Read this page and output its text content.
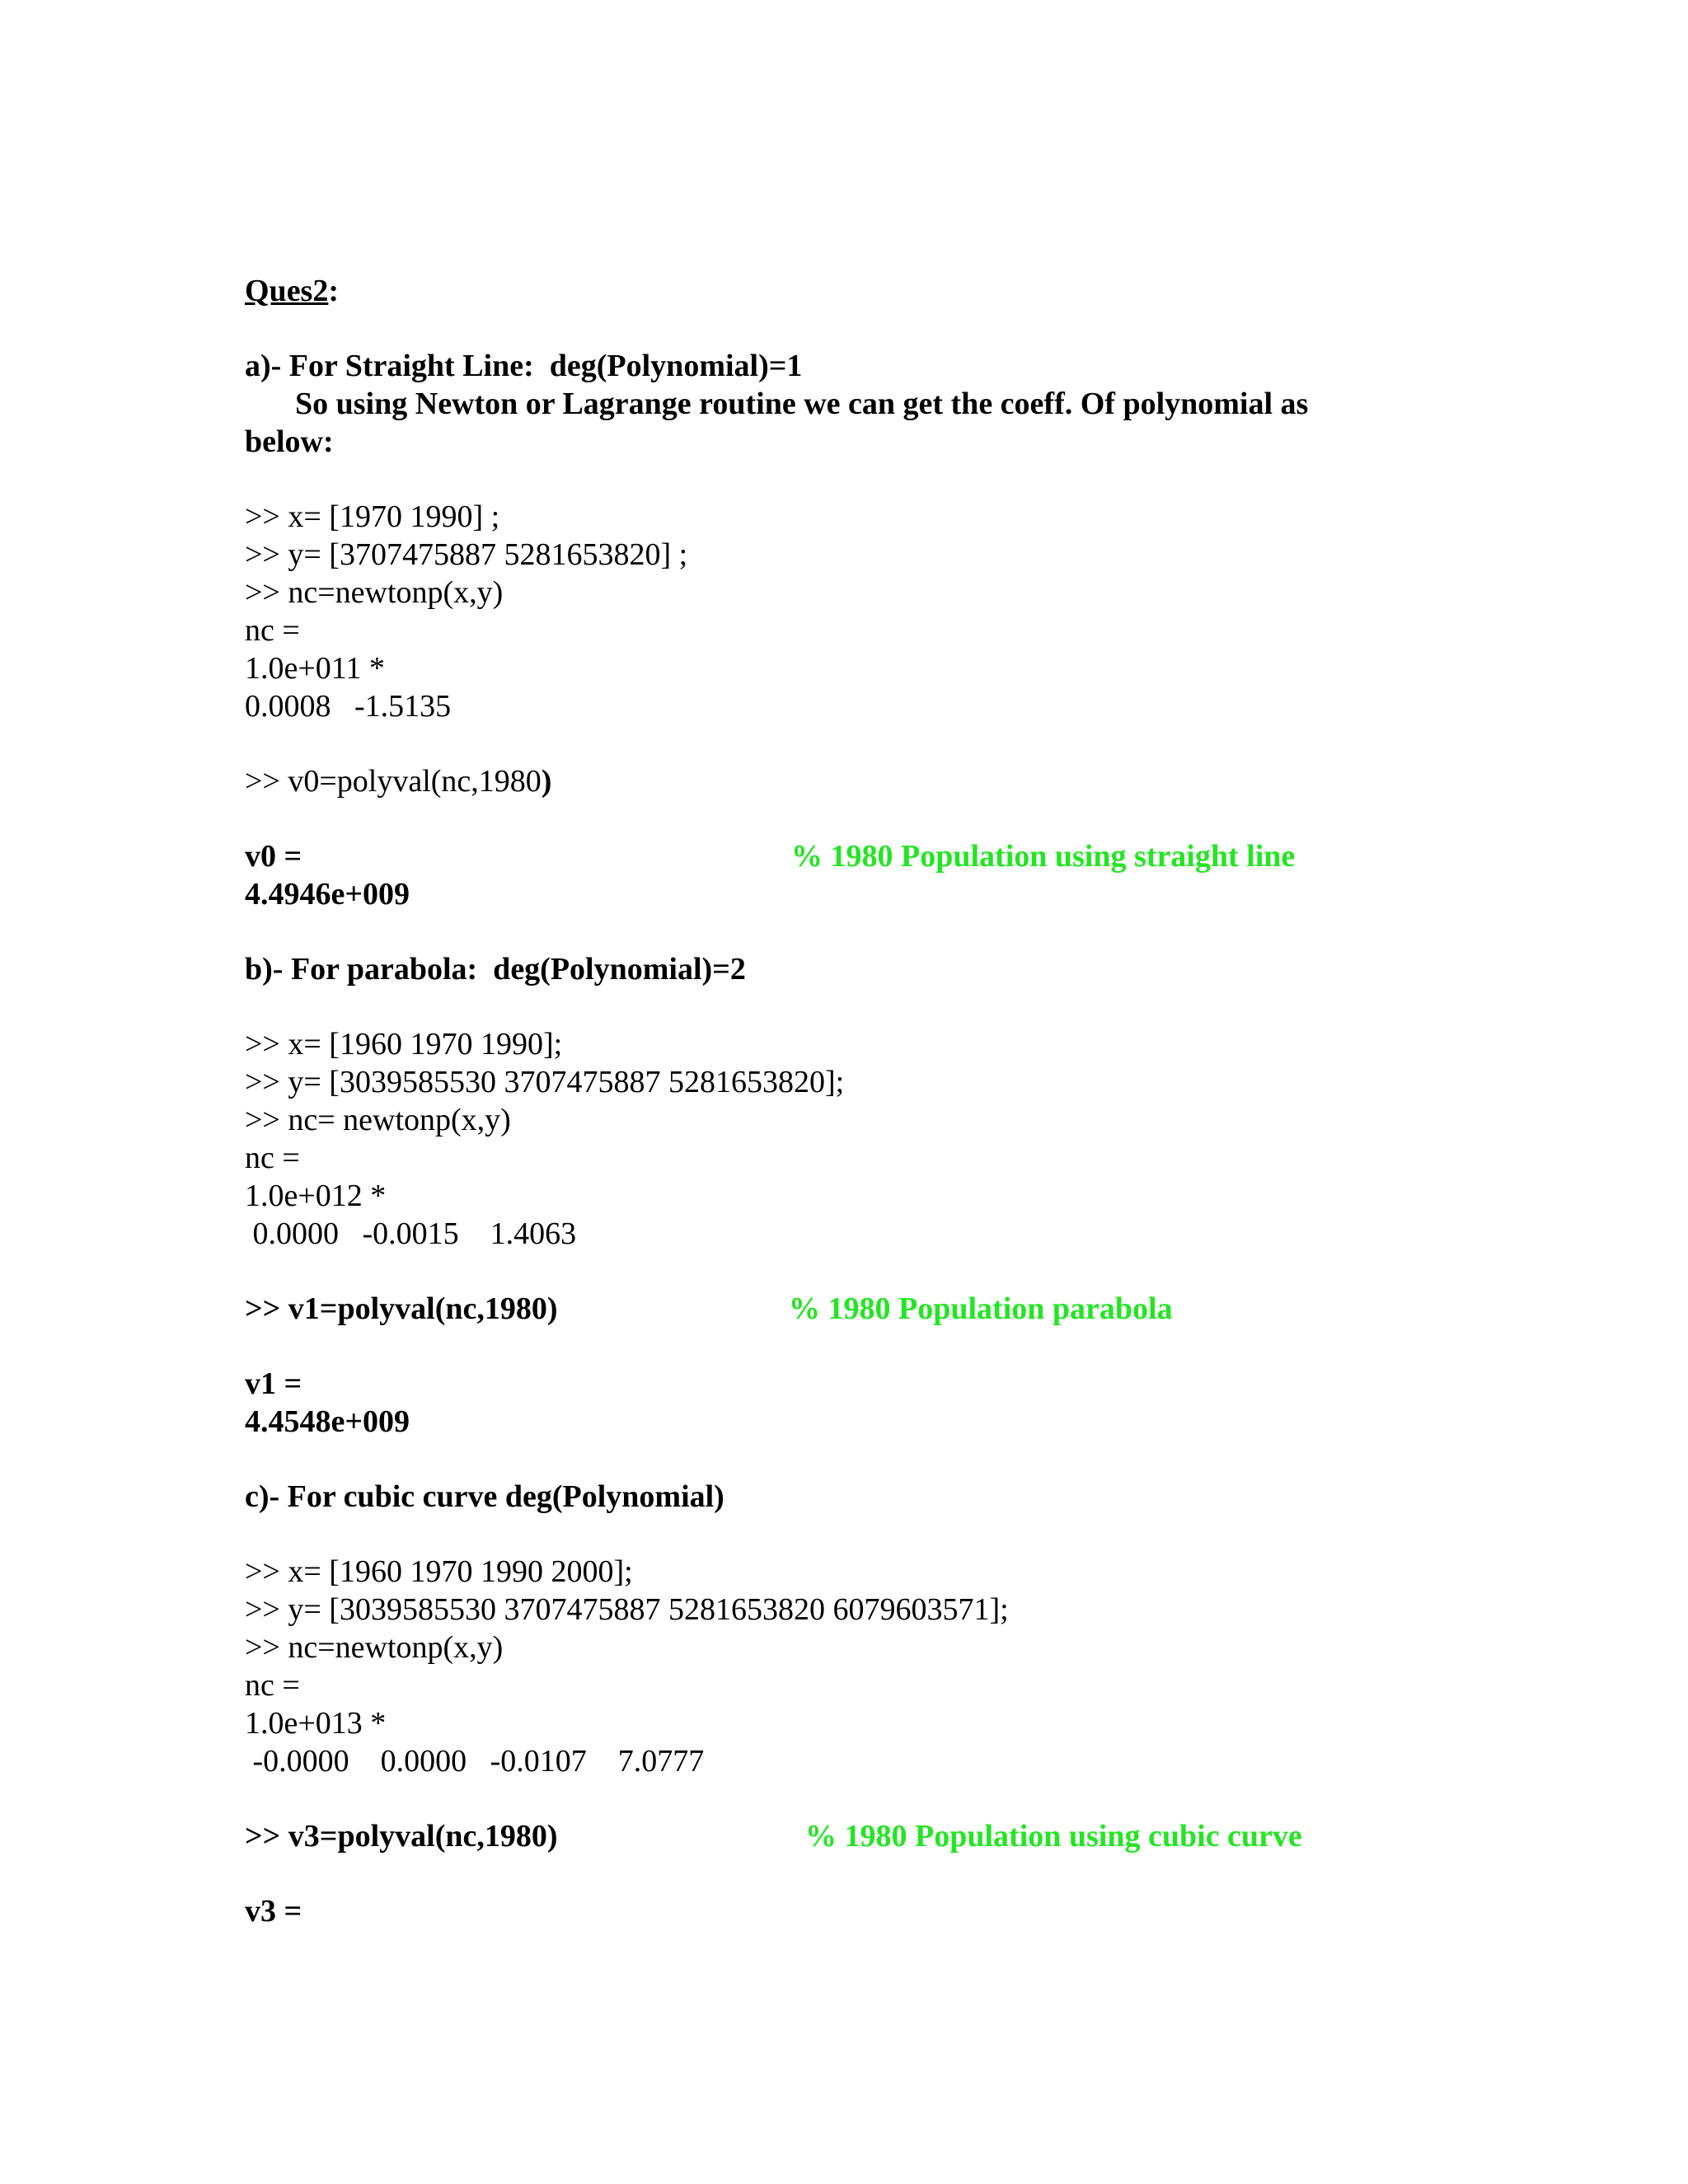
Ques2:
a)- For Straight Line:  deg(Polynomial)=1
So using Newton or Lagrange routine we can get the coeff. Of polynomial as
below:
>> x= [1970 1990] ;
>> y= [3707475887 5281653820] ;
>> nc=newtonp(x,y)
nc =
1.0e+011 *
0.0008   -1.5135
>> v0=polyval(nc,1980)
v0 =	% 1980 Population using straight line
4.4946e+009
b)- For parabola:  deg(Polynomial)=2
>> x= [1960 1970 1990];
>> y= [3039585530 3707475887 5281653820];
>> nc= newtonp(x,y)
nc =
1.0e+012 *
0.0000   -0.0015    1.4063
>> v1=polyval(nc,1980)	% 1980 Population parabola
v1 =
4.4548e+009
c)- For cubic curve deg(Polynomial)
>> x= [1960 1970 1990 2000];
>> y= [3039585530 3707475887 5281653820 6079603571];
>> nc=newtonp(x,y)
nc =
1.0e+013 *
-0.0000    0.0000   -0.0107    7.0777
>> v3=polyval(nc,1980)	% 1980 Population using cubic curve
v3 =
